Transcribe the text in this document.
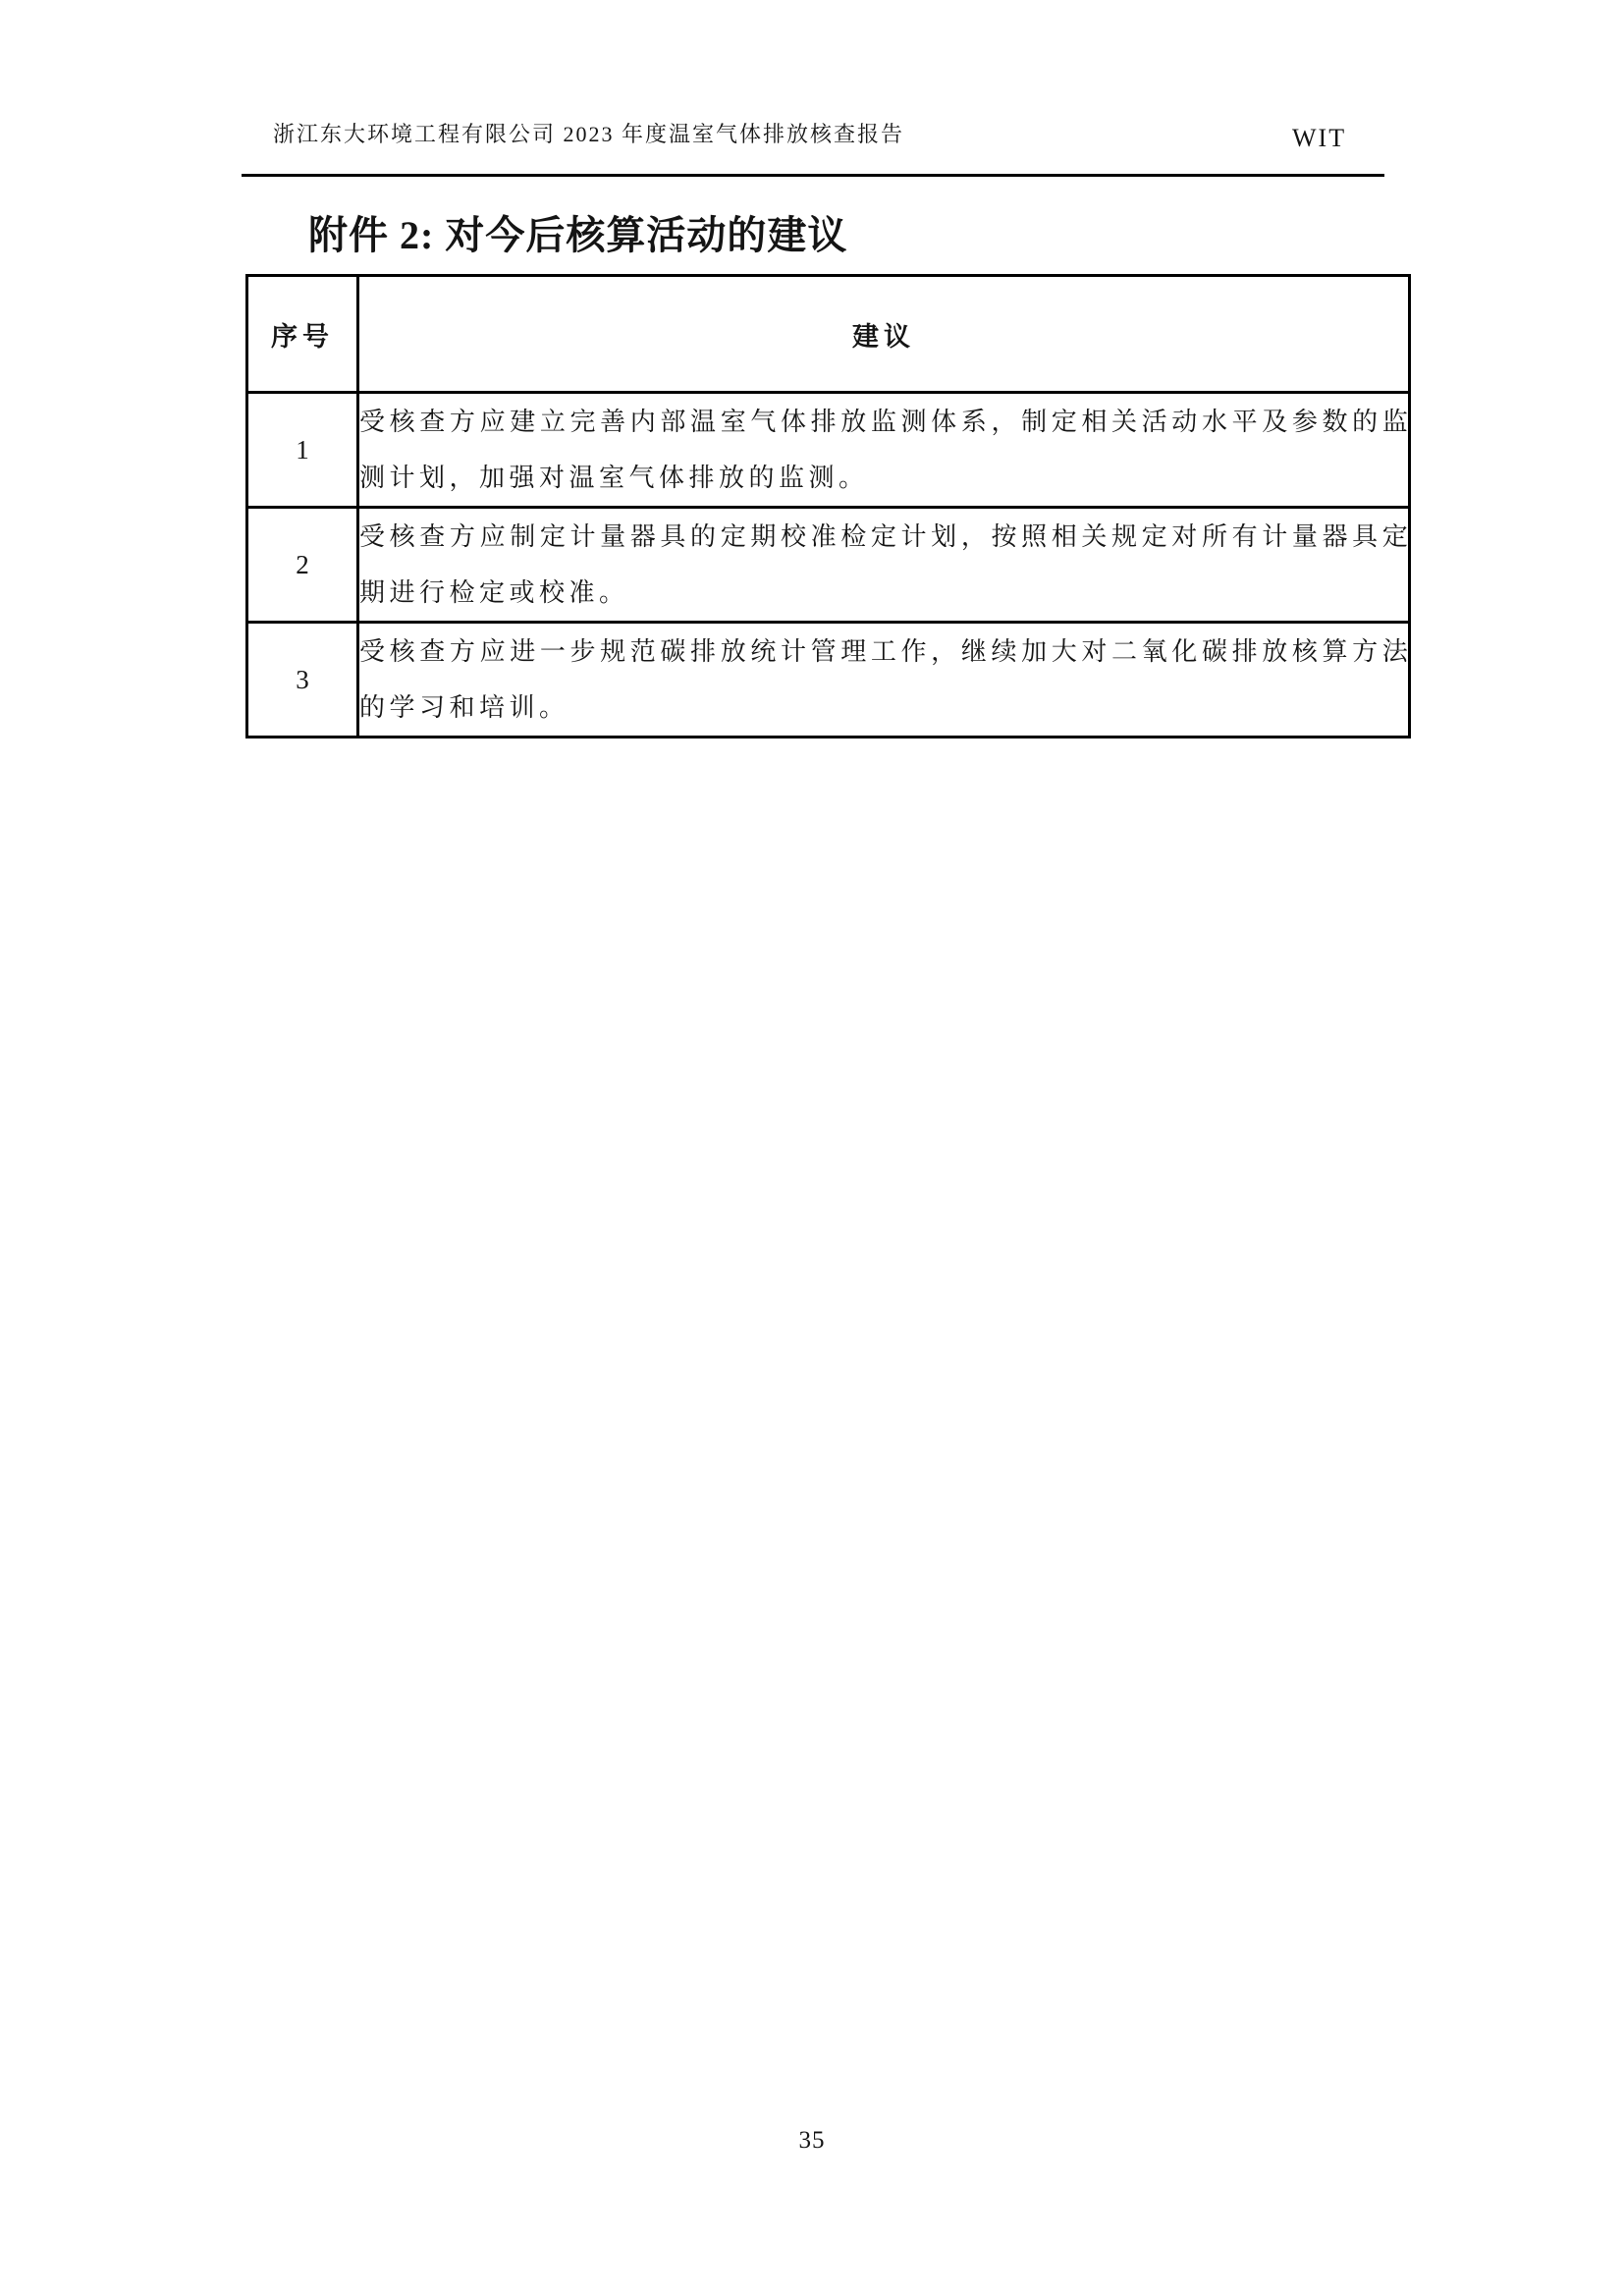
浙江东大环境工程有限公司 2023 年度温室气体排放核查报告	WIT
附件 2: 对今后核算活动的建议
序号	建议
1	
受 核 查 方 应 建 立 完 善 内 部 温 室 气 体 排 放 监 测 体 系 ， 制 定 相 关 活 动 水 平 及 参 数 的 监
测计划，加强对温室气体排放的监测。

2	
受 核 查 方 应 制 定 计 量 器 具 的 定 期 校 准 检 定 计 划 ， 按 照 相 关 规 定 对 所 有 计 量 器 具 定
期进行检定或校准。

3	
受 核 查 方 应 进 一 步 规 范 碳 排 放 统 计 管 理 工 作 ， 继 续 加 大 对 二 氧 化 碳 排 放 核 算 方 法
的学习和培训。
35
